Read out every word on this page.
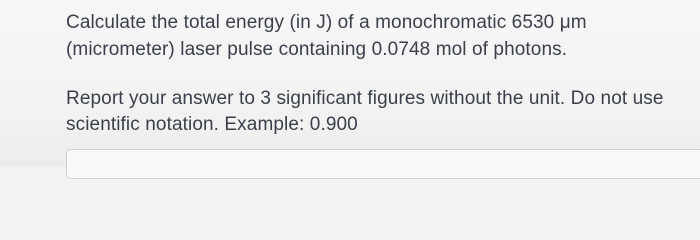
Calculate the total energy (in J) of a monochromatic 6530 μm
(micrometer) laser pulse containing 0.0748 mol of photons.
Report your answer to 3 significant figures without the unit. Do not use
scientific notation. Example: 0.900
